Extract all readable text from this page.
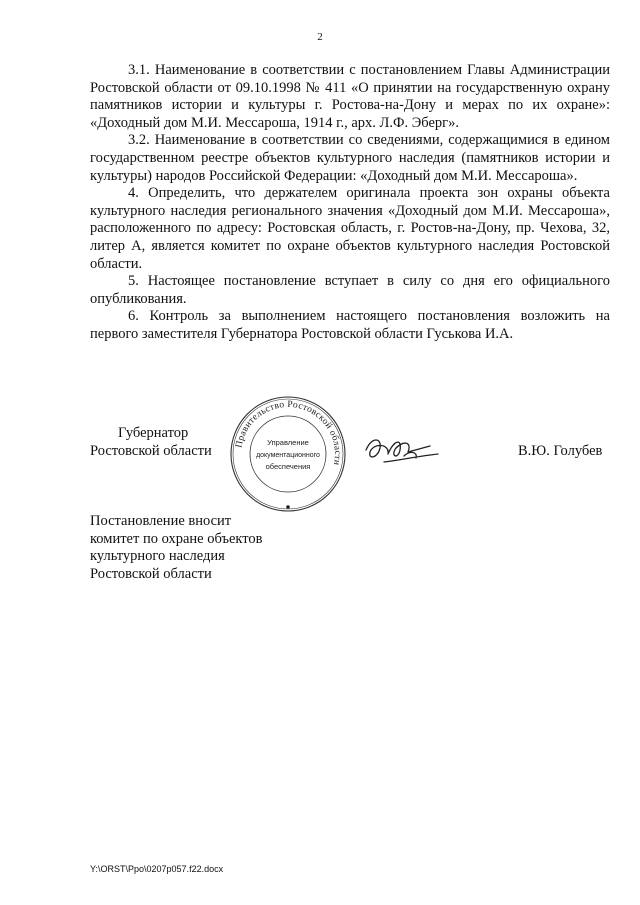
2

3.1. Наименование в соответствии с постановлением Главы Администрации Ростовской области от 09.10.1998 № 411 «О принятии на государственную охрану памятников истории и культуры г. Ростова-на-Дону и мерах по их охране»: «Доходный дом М.И. Мессароша, 1914 г., арх. Л.Ф. Эберг».

3.2. Наименование в соответствии со сведениями, содержащимися в едином государственном реестре объектов культурного наследия (памятников истории и культуры) народов Российской Федерации: «Доходный дом М.И. Мессароша».

4. Определить, что держателем оригинала проекта зон охраны объекта культурного наследия регионального значения «Доходный дом М.И. Мессароша», расположенного по адресу: Ростовская область, г. Ростов-на-Дону, пр. Чехова, 32, литер А, является комитет по охране объектов культурного наследия Ростовской области.

5. Настоящее постановление вступает в силу со дня его официального опубликования.

6. Контроль за выполнением настоящего постановления возложить на первого заместителя Губернатора Ростовской области Гуськова И.А.

Губернатор
Ростовской области Правительство Ростовской области
Управление
документационного
обеспечения
В.Ю. Голубев
Постановление вносит
комитет по охране объектов
культурного наследия
Ростовской области
Y:\ORST\Ppo\0207p057.f22.docx
